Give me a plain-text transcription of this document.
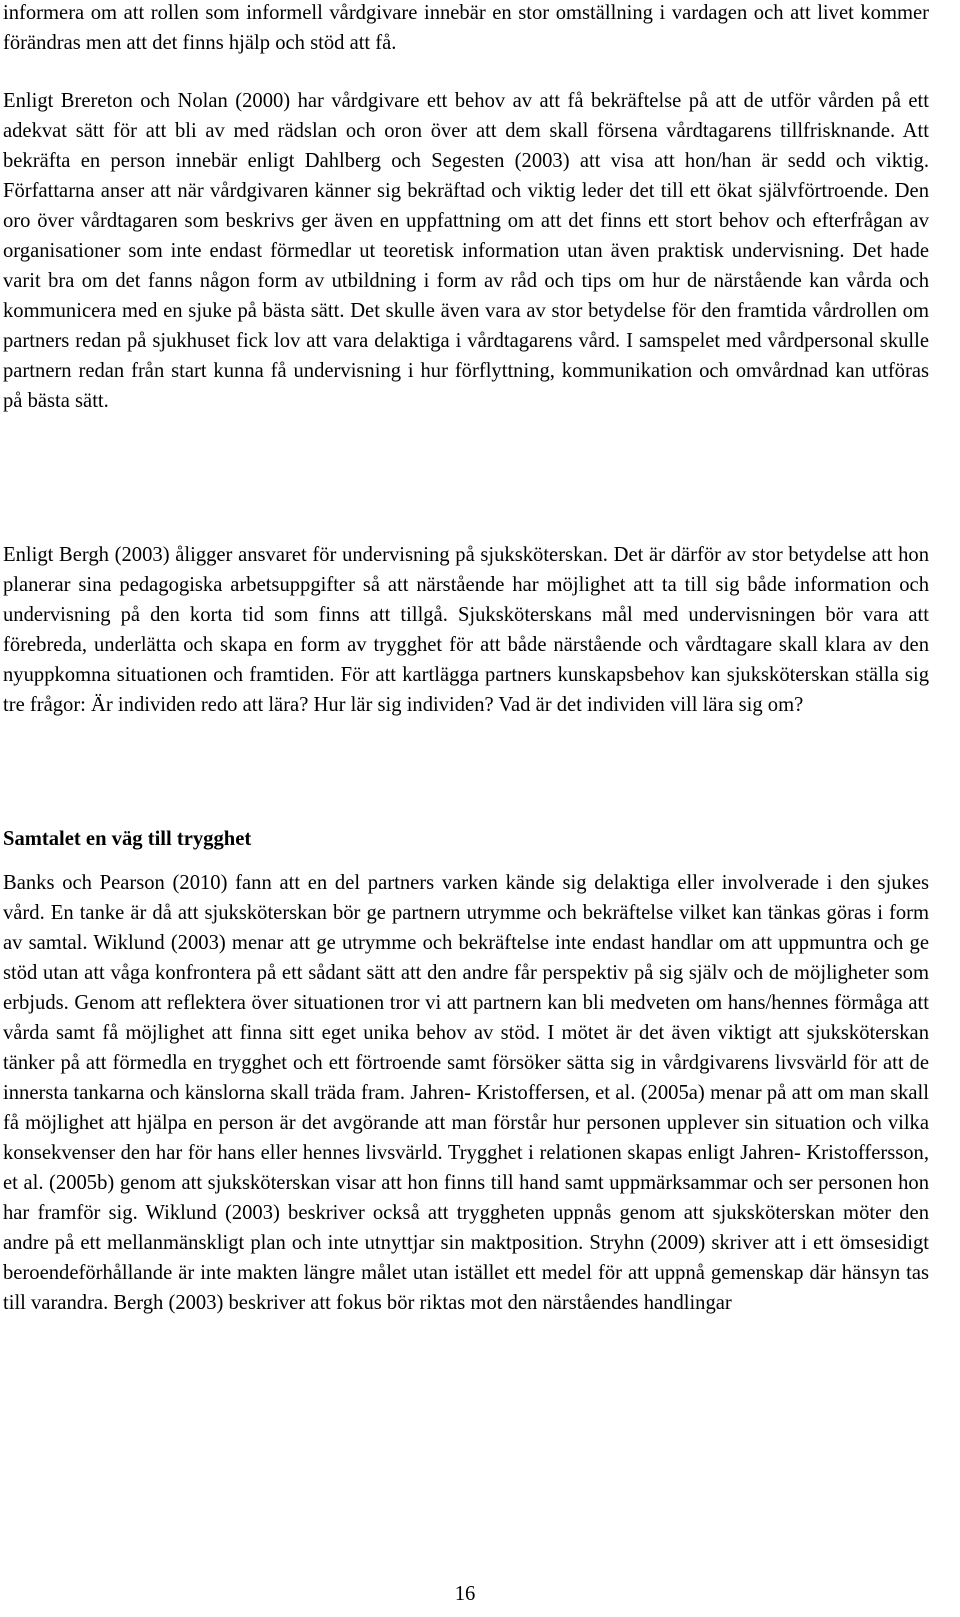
informera om att rollen som informell vårdgivare innebär en stor omställning i vardagen och att livet kommer förändras men att det finns hjälp och stöd att få.

Enligt Brereton och Nolan (2000) har vårdgivare ett behov av att få bekräftelse på att de utför vården på ett adekvat sätt för att bli av med rädslan och oron över att dem skall försena vårdtagarens tillfrisknande. Att bekräfta en person innebär enligt Dahlberg och Segesten (2003) att visa att hon/han är sedd och viktig. Författarna anser att när vårdgivaren känner sig bekräftad och viktig leder det till ett ökat självförtroende. Den oro över vårdtagaren som beskrivs ger även en uppfattning om att det finns ett stort behov och efterfrågan av organisationer som inte endast förmedlar ut teoretisk information utan även praktisk undervisning. Det hade varit bra om det fanns någon form av utbildning i form av råd och tips om hur de närstående kan vårda och kommunicera med en sjuke på bästa sätt. Det skulle även vara av stor betydelse för den framtida vårdrollen om partners redan på sjukhuset fick lov att vara delaktiga i vårdtagarens vård. I samspelet med vårdpersonal skulle partnern redan från start kunna få undervisning i hur förflyttning, kommunikation och omvårdnad kan utföras på bästa sätt.

Enligt Bergh (2003) åligger ansvaret för undervisning på sjuksköterskan. Det är därför av stor betydelse att hon planerar sina pedagogiska arbetsuppgifter så att närstående har möjlighet att ta till sig både information och undervisning på den korta tid som finns att tillgå. Sjuksköterskans mål med undervisningen bör vara att förebreda, underlätta och skapa en form av trygghet för att både närstående och vårdtagare skall klara av den nyuppkomna situationen och framtiden. För att kartlägga partners kunskapsbehov kan sjuksköterskan ställa sig tre frågor: Är individen redo att lära? Hur lär sig individen? Vad är det individen vill lära sig om?

Samtalet en väg till trygghet

Banks och Pearson (2010) fann att en del partners varken kände sig delaktiga eller involverade i den sjukes vård. En tanke är då att sjuksköterskan bör ge partnern utrymme och bekräftelse vilket kan tänkas göras i form av samtal. Wiklund (2003) menar att ge utrymme och bekräftelse inte endast handlar om att uppmuntra och ge stöd utan att våga konfrontera på ett sådant sätt att den andre får perspektiv på sig själv och de möjligheter som erbjuds. Genom att reflektera över situationen tror vi att partnern kan bli medveten om hans/hennes förmåga att vårda samt få möjlighet att finna sitt eget unika behov av stöd. I mötet är det även viktigt att sjuksköterskan tänker på att förmedla en trygghet och ett förtroende samt försöker sätta sig in vårdgivarens livsvärld för att de innersta tankarna och känslorna skall träda fram. Jahren- Kristoffersen, et al. (2005a) menar på att om man skall få möjlighet att hjälpa en person är det avgörande att man förstår hur personen upplever sin situation och vilka konsekvenser den har för hans eller hennes livsvärld. Trygghet i relationen skapas enligt Jahren- Kristoffersson, et al. (2005b) genom att sjuksköterskan visar att hon finns till hand samt uppmärksammar och ser personen hon har framför sig. Wiklund (2003) beskriver också att tryggheten uppnås genom att sjuksköterskan möter den andre på ett mellanmänskligt plan och inte utnyttjar sin maktposition. Stryhn (2009) skriver att i ett ömsesidigt beroendeförhållande är inte makten längre målet utan istället ett medel för att uppnå gemenskap där hänsyn tas till varandra. Bergh (2003) beskriver att fokus bör riktas mot den närståendes handlingar

16
